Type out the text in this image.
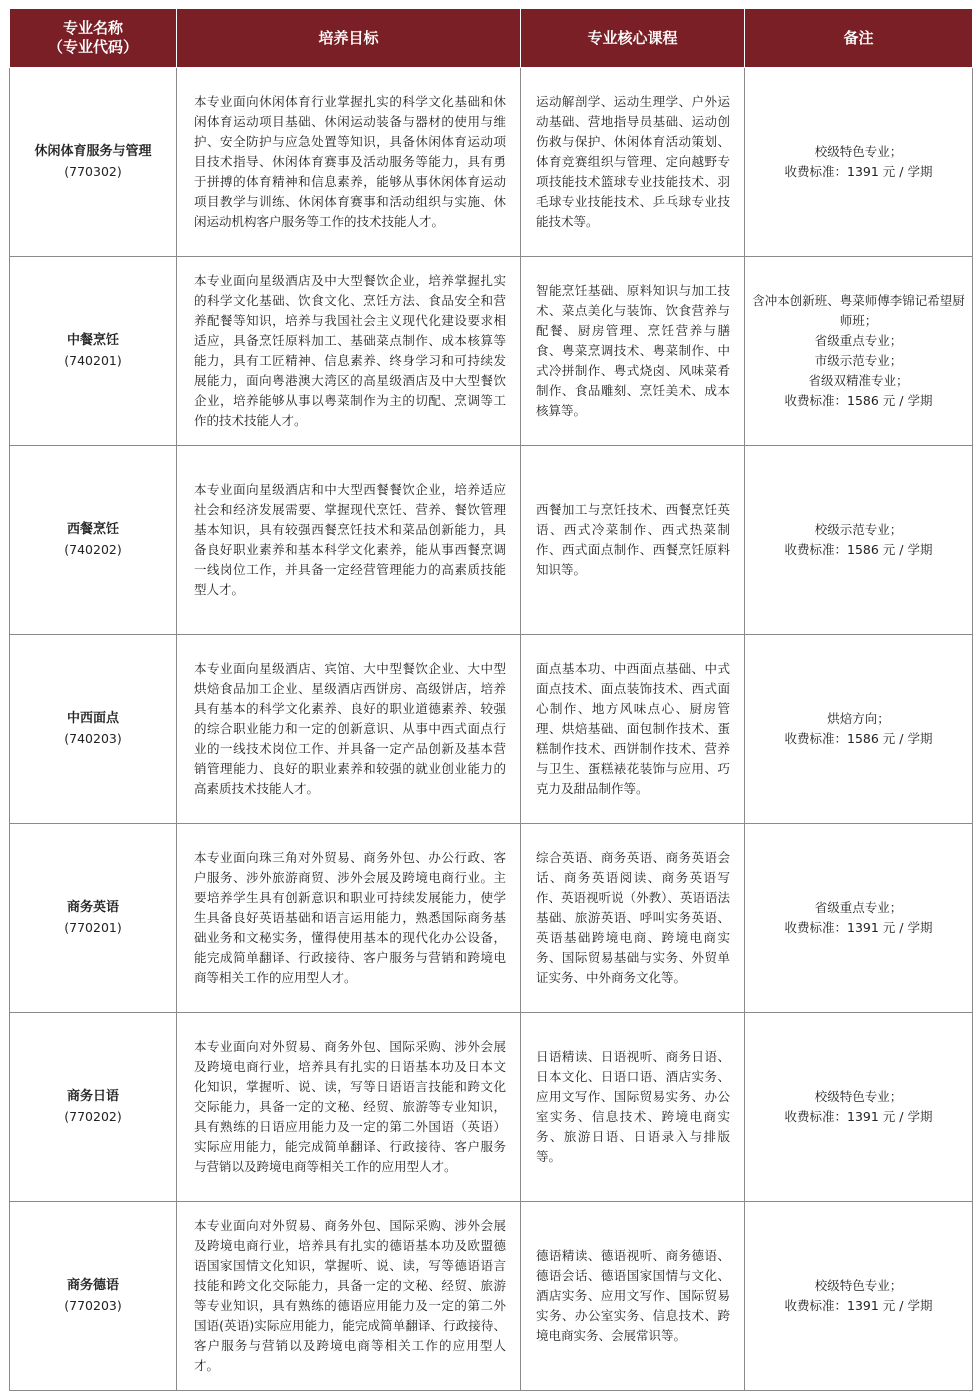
专业名称
（专业代码）	培养目标	专业核心课程	备注

休闲体育服务与管理
(770302)	本专业面向休闲体育行业掌握扎实的科学文化基础和休闲体育运动项目基础、休闲运动装备与器材的使用与维护、安全防护与应急处置等知识，具备休闲体育运动项目技术指导、休闲体育赛事及活动服务等能力，具有勇于拼搏的体育精神和信息素养，能够从事休闲体育运动项目教学与训练、休闲体育赛事和活动组织与实施、休闲运动机构客户服务等工作的技术技能人才。	运动解剖学、运动生理学、户外运动基础、营地指导员基础、运动创伤救与保护、休闲体育活动策划、体育竞赛组织与管理、定向越野专项技能技术篮球专业技能技术、羽毛球专业技能技术、乒乓球专业技能技术等。	校级特色专业；
收费标准：1391 元 / 学期

中餐烹饪
(740201)	本专业面向星级酒店及中大型餐饮企业，培养掌握扎实的科学文化基础、饮食文化、烹饪方法、食品安全和营养配餐等知识，培养与我国社会主义现代化建设要求相适应，具备烹饪原料加工、基础菜点制作、成本核算等能力，具有工匠精神、信息素养、终身学习和可持续发展能力，面向粤港澳大湾区的高星级酒店及中大型餐饮企业，培养能够从事以粤菜制作为主的切配、烹调等工作的技术技能人才。	智能烹饪基础、原料知识与加工技术、菜点美化与装饰、饮食营养与配餐、厨房管理、烹饪营养与膳食、粤菜烹调技术、粤菜制作、中式冷拼制作、粤式烧卤、风味菜肴制作、食品雕刻、烹饪美术、成本核算等。	含冲本创新班、粤菜师傅李锦记希望厨师班；
省级重点专业；
市级示范专业；
省级双精准专业；
收费标准：1586 元 / 学期

西餐烹饪
(740202)	本专业面向星级酒店和中大型西餐餐饮企业，培养适应社会和经济发展需要、掌握现代烹饪、营养、餐饮管理基本知识，具有较强西餐烹饪技术和菜品创新能力，具备良好职业素养和基本科学文化素养，能从事西餐烹调一线岗位工作，并具备一定经营管理能力的高素质技能型人才。	西餐加工与烹饪技术、西餐烹饪英语、西式冷菜制作、西式热菜制作、西式面点制作、西餐烹饪原料知识等。	校级示范专业；
收费标准：1586 元 / 学期

中西面点
(740203)	本专业面向星级酒店、宾馆、大中型餐饮企业、大中型烘焙食品加工企业、星级酒店西饼房、高级饼店，培养具有基本的科学文化素养、良好的职业道德素养、较强的综合职业能力和一定的创新意识、从事中西式面点行业的一线技术岗位工作、并具备一定产品创新及基本营销管理能力、良好的职业素养和较强的就业创业能力的高素质技术技能人才。	面点基本功、中西面点基础、中式面点技术、面点装饰技术、西式面心制作、地方风味点心、厨房管理、烘焙基础、面包制作技术、蛋糕制作技术、西饼制作技术、营养与卫生、蛋糕裱花装饰与应用、巧克力及甜品制作等。	烘焙方向；
收费标准：1586 元 / 学期

商务英语
(770201)	本专业面向珠三角对外贸易、商务外包、办公行政、客户服务、涉外旅游商贸、涉外会展及跨境电商行业。主要培养学生具有创新意识和职业可持续发展能力，使学生具备良好英语基础和语言运用能力，熟悉国际商务基础业务和文秘实务，懂得使用基本的现代化办公设备，能完成简单翻译、行政接待、客户服务与营销和跨境电商等相关工作的应用型人才。	综合英语、商务英语、商务英语会话、商务英语阅读、商务英语写作、英语视听说（外教）、英语语法基础、旅游英语、呼叫实务英语、英语基础跨境电商、跨境电商实务、国际贸易基础与实务、外贸单证实务、中外商务文化等。	省级重点专业；
收费标准：1391 元 / 学期

商务日语
(770202)	本专业面向对外贸易、商务外包、国际采购、涉外会展及跨境电商行业，培养具有扎实的日语基本功及日本文化知识，掌握听、说、读，写等日语语言技能和跨文化交际能力，具备一定的文秘、经贸、旅游等专业知识，具有熟练的日语应用能力及一定的第二外国语（英语）实际应用能力，能完成简单翻译、行政接待、客户服务与营销以及跨境电商等相关工作的应用型人才。	日语精读、日语视听、商务日语、日本文化、日语口语、酒店实务、应用文写作、国际贸易实务、办公室实务、信息技术、跨境电商实务、旅游日语、日语录入与排版等。	校级特色专业；
收费标准：1391 元 / 学期

商务德语
(770203)	本专业面向对外贸易、商务外包、国际采购、涉外会展及跨境电商行业，培养具有扎实的德语基本功及欧盟德语国家国情文化知识，掌握听、说、读，写等德语语言技能和跨文化交际能力，具备一定的文秘、经贸、旅游等专业知识，具有熟练的德语应用能力及一定的第二外国语(英语)实际应用能力，能完成简单翻译、行政接待、客户服务与营销以及跨境电商等相关工作的应用型人才。	德语精读、德语视听、商务德语、德语会话、德语国家国情与文化、酒店实务、应用文写作、国际贸易实务、办公室实务、信息技术、跨境电商实务、会展常识等。	校级特色专业；
收费标准：1391 元 / 学期
